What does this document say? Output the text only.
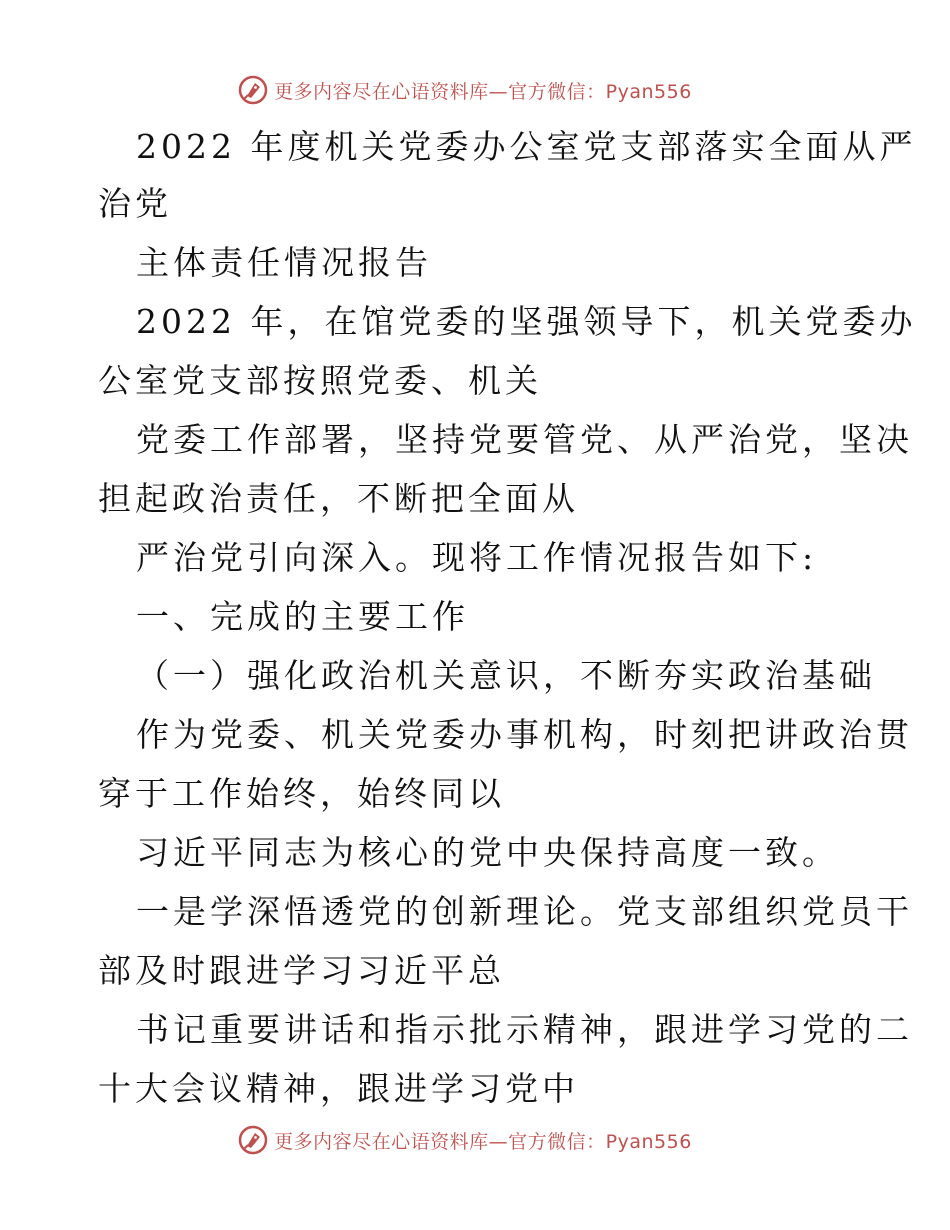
更多内容尽在心语资料库—官方微信：Pyan556
2022 年度机关党委办公室党支部落实全面从严
治党
主体责任情况报告
2022 年，在馆党委的坚强领导下，机关党委办
公室党支部按照党委、机关
党委工作部署，坚持党要管党、从严治党，坚决
担起政治责任，不断把全面从
严治党引向深入。现将工作情况报告如下:
一、完成的主要工作
（一）强化政治机关意识，不断夯实政治基础
作为党委、机关党委办事机构，时刻把讲政治贯
穿于工作始终，始终同以
习近平同志为核心的党中央保持高度一致。
一是学深悟透党的创新理论。党支部组织党员干
部及时跟进学习习近平总
书记重要讲话和指示批示精神，跟进学习党的二
十大会议精神，跟进学习党中
更多内容尽在心语资料库—官方微信：Pyan556
